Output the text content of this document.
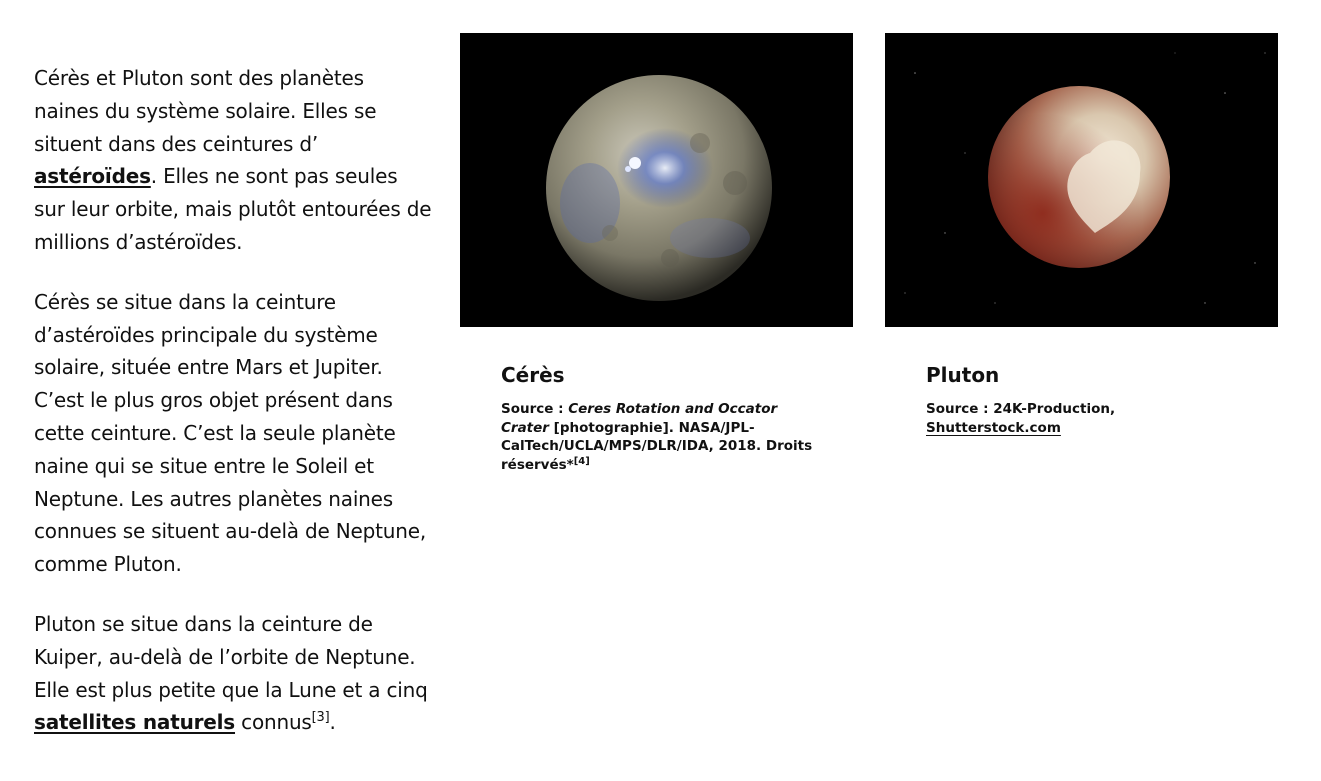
Cérès et Pluton sont des planètes naines du système solaire. Elles se situent dans des ceintures d’ astéroïdes. Elles ne sont pas seules sur leur orbite, mais plutôt entourées de millions d’astéroïdes.

Cérès se situe dans la ceinture d’astéroïdes principale du système solaire, située entre Mars et Jupiter. C’est le plus gros objet présent dans cette ceinture. C’est la seule planète naine qui se situe entre le Soleil et Neptune. Les autres planètes naines connues se situent au-delà de Neptune, comme Pluton.

Pluton se situe dans la ceinture de Kuiper, au-delà de l’orbite de Neptune. Elle est plus petite que la Lune et a cinq satellites naturels connus[3].

Cérès
Source : Ceres Rotation and Occator Crater [photographie]. NASA/JPL-CalTech/UCLA/MPS/DLR/IDA, 2018. Droits réservés*[4]
Pluton
Source : 24K-Production, Shutterstock.com
